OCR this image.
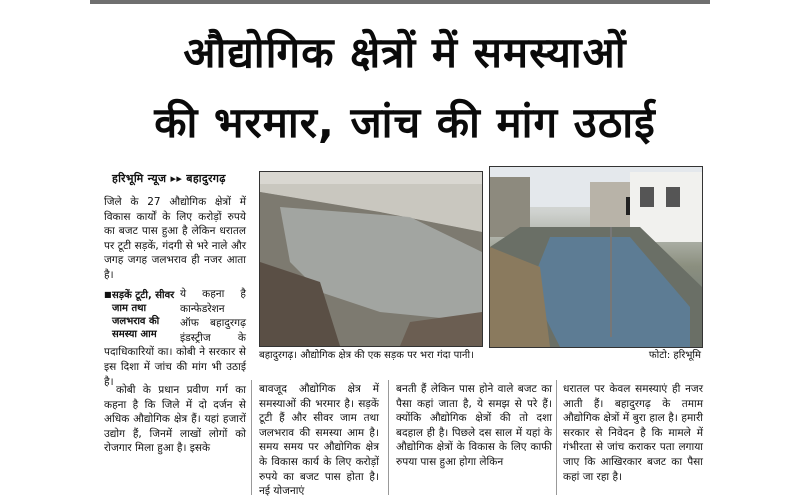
औद्योगिक क्षेत्रों में समस्याओं
की भरमार, जांच की मांग उठाई
हरिभूमि न्यूज ▸▸ बहादुरगढ़

जिले के 27 औद्योगिक क्षेत्रों में विकास कार्यों के लिए करोड़ों रुपये का बजट पास हुआ है लेकिन धरातल पर टूटी सड़कें, गंदगी से भरे नाले और जगह जगह जलभराव ही नजर आता है।

■ सड़कें टूटी, सीवर जाम तथा जलभराव की समस्या आम
ये कहना है कान्फेडरेशन ऑफ बहादुरगढ़ इंडस्ट्रीज के पदाधिकारियों का। कोबी ने सरकार से इस दिशा में जांच की मांग भी उठाई है।

कोबी के प्रधान प्रवीण गर्ग का कहना है कि जिले में दो दर्जन से अधिक औद्योगिक क्षेत्र हैं। यहां हजारों उद्योग हैं, जिनमें लाखों लोगों को रोजगार मिला हुआ है। इसके

बहादुरगढ़। औद्योगिक क्षेत्र की एक सड़क पर भरा गंदा पानी।	फोटो: हरिभूमि

बावजूद औद्योगिक क्षेत्र में समस्याओं की भरमार है। सड़कें टूटी हैं और सीवर जाम तथा जलभराव की समस्या आम है। समय समय पर औद्योगिक क्षेत्र के विकास कार्य के लिए करोड़ों रुपये का बजट पास होता है। नई योजनाएं

बनती हैं लेकिन पास होने वाले बजट का पैसा कहां जाता है, ये समझ से परे हैं। क्योंकि औद्योगिक क्षेत्रों की तो दशा बदहाल ही है। पिछले दस साल में यहां के औद्योगिक क्षेत्रों के विकास के लिए काफी रुपया पास हुआ होगा लेकिन

धरातल पर केवल समस्याएं ही नजर आती हैं। बहादुरगढ़ के तमाम औद्योगिक क्षेत्रों में बुरा हाल है। हमारी सरकार से निवेदन है कि मामले में गंभीरता से जांच कराकर पता लगाया जाए कि आखिरकार बजट का पैसा कहां जा रहा है।
